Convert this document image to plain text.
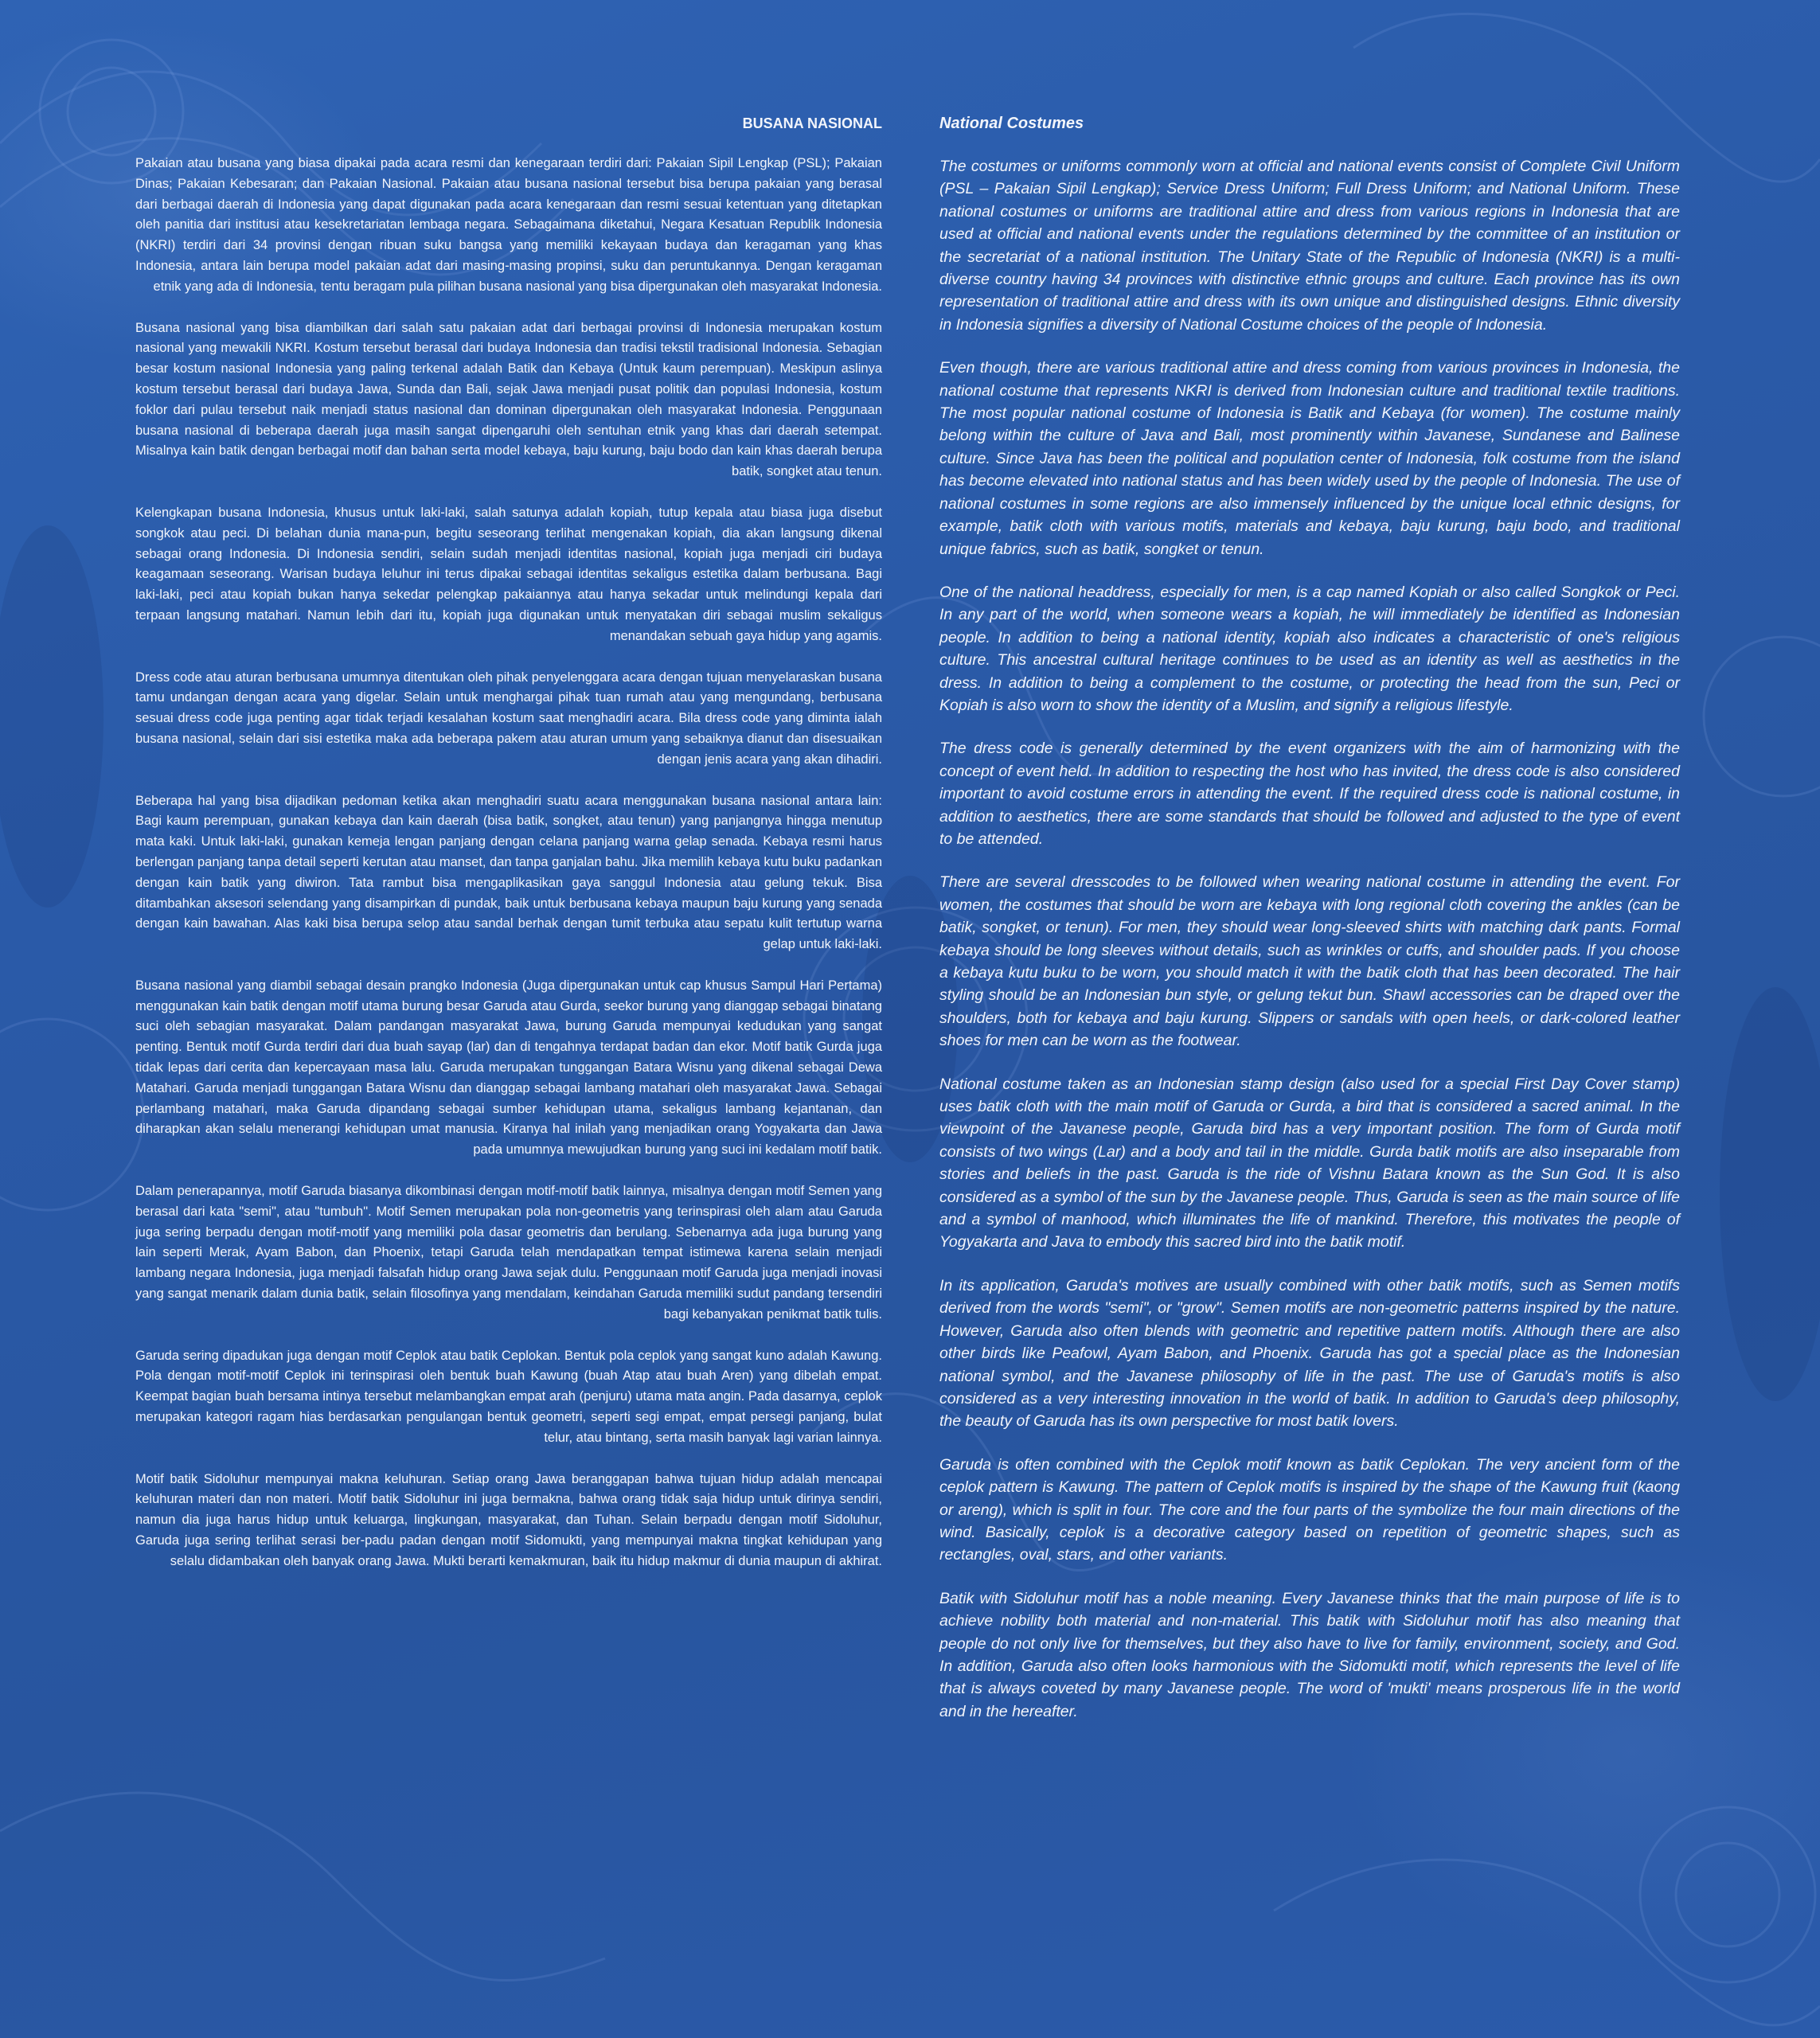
BUSANA NASIONAL

Pakaian atau busana yang biasa dipakai pada acara resmi dan kenegaraan terdiri dari: Pakaian Sipil Lengkap (PSL); Pakaian Dinas; Pakaian Kebesaran; dan Pakaian Nasional. Pakaian atau busana nasional tersebut bisa berupa pakaian yang berasal dari berbagai daerah di Indonesia yang dapat digunakan pada acara kenegaraan dan resmi sesuai ketentuan yang ditetapkan oleh panitia dari institusi atau kesekretariatan lembaga negara. Sebagaimana diketahui, Negara Kesatuan Republik Indonesia (NKRI) terdiri dari 34 provinsi dengan ribuan suku bangsa yang memiliki kekayaan budaya dan keragaman yang khas Indonesia, antara lain berupa model pakaian adat dari masing-masing propinsi, suku dan peruntukannya. Dengan keragaman etnik yang ada di Indonesia, tentu beragam pula pilihan busana nasional yang bisa dipergunakan oleh masyarakat Indonesia.

Busana nasional yang bisa diambilkan dari salah satu pakaian adat dari berbagai provinsi di Indonesia merupakan kostum nasional yang mewakili NKRI. Kostum tersebut berasal dari budaya Indonesia dan tradisi tekstil tradisional Indonesia. Sebagian besar kostum nasional Indonesia yang paling terkenal adalah Batik dan Kebaya (Untuk kaum perempuan). Meskipun aslinya kostum tersebut berasal dari budaya Jawa, Sunda dan Bali, sejak Jawa menjadi pusat politik dan populasi Indonesia, kostum foklor dari pulau tersebut naik menjadi status nasional dan dominan dipergunakan oleh masyarakat Indonesia. Penggunaan busana nasional di beberapa daerah juga masih sangat dipengaruhi oleh sentuhan etnik yang khas dari daerah setempat. Misalnya kain batik dengan berbagai motif dan bahan serta model kebaya, baju kurung, baju bodo dan kain khas daerah berupa batik, songket atau tenun.

Kelengkapan busana Indonesia, khusus untuk laki-laki, salah satunya adalah kopiah, tutup kepala atau biasa juga disebut songkok atau peci. Di belahan dunia mana-pun, begitu seseorang terlihat mengenakan kopiah, dia akan langsung dikenal sebagai orang Indonesia. Di Indonesia sendiri, selain sudah menjadi identitas nasional, kopiah juga menjadi ciri budaya keagamaan seseorang. Warisan budaya leluhur ini terus dipakai sebagai identitas sekaligus estetika dalam berbusana. Bagi laki-laki, peci atau kopiah bukan hanya sekedar pelengkap pakaiannya atau hanya sekadar untuk melindungi kepala dari terpaan langsung matahari. Namun lebih dari itu, kopiah juga digunakan untuk menyatakan diri sebagai muslim sekaligus menandakan sebuah gaya hidup yang agamis.

Dress code atau aturan berbusana umumnya ditentukan oleh pihak penyelenggara acara dengan tujuan menyelaraskan busana tamu undangan dengan acara yang digelar. Selain untuk menghargai pihak tuan rumah atau yang mengundang, berbusana sesuai dress code juga penting agar tidak terjadi kesalahan kostum saat menghadiri acara. Bila dress code yang diminta ialah busana nasional, selain dari sisi estetika maka ada beberapa pakem atau aturan umum yang sebaiknya dianut dan disesuaikan dengan jenis acara yang akan dihadiri.

Beberapa hal yang bisa dijadikan pedoman ketika akan menghadiri suatu acara menggunakan busana nasional antara lain: Bagi kaum perempuan, gunakan kebaya dan kain daerah (bisa batik, songket, atau tenun) yang panjangnya hingga menutup mata kaki. Untuk laki-laki, gunakan kemeja lengan panjang dengan celana panjang warna gelap senada. Kebaya resmi harus berlengan panjang tanpa detail seperti kerutan atau manset, dan tanpa ganjalan bahu. Jika memilih kebaya kutu buku padankan dengan kain batik yang diwiron. Tata rambut bisa mengaplikasikan gaya sanggul Indonesia atau gelung tekuk. Bisa ditambahkan aksesori selendang yang disampirkan di pundak, baik untuk berbusana kebaya maupun baju kurung yang senada dengan kain bawahan. Alas kaki bisa berupa selop atau sandal berhak dengan tumit terbuka atau sepatu kulit tertutup warna gelap untuk laki-laki.

Busana nasional yang diambil sebagai desain prangko Indonesia (Juga dipergunakan untuk cap khusus Sampul Hari Pertama) menggunakan kain batik dengan motif utama burung besar Garuda atau Gurda, seekor burung yang dianggap sebagai binatang suci oleh sebagian masyarakat. Dalam pandangan masyarakat Jawa, burung Garuda mempunyai kedudukan yang sangat penting. Bentuk motif Gurda terdiri dari dua buah sayap (lar) dan di tengahnya terdapat badan dan ekor. Motif batik Gurda juga tidak lepas dari cerita dan kepercayaan masa lalu. Garuda merupakan tunggangan Batara Wisnu yang dikenal sebagai Dewa Matahari. Garuda menjadi tunggangan Batara Wisnu dan dianggap sebagai lambang matahari oleh masyarakat Jawa. Sebagai perlambang matahari, maka Garuda dipandang sebagai sumber kehidupan utama, sekaligus lambang kejantanan, dan diharapkan akan selalu menerangi kehidupan umat manusia. Kiranya hal inilah yang menjadikan orang Yogyakarta dan Jawa pada umumnya mewujudkan burung yang suci ini kedalam motif batik.

Dalam penerapannya, motif Garuda biasanya dikombinasi dengan motif-motif batik lainnya, misalnya dengan motif Semen yang berasal dari kata "semi", atau "tumbuh". Motif Semen merupakan pola non-geometris yang terinspirasi oleh alam atau Garuda juga sering berpadu dengan motif-motif yang memiliki pola dasar geometris dan berulang. Sebenarnya ada juga burung yang lain seperti Merak, Ayam Babon, dan Phoenix, tetapi Garuda telah mendapatkan tempat istimewa karena selain menjadi lambang negara Indonesia, juga menjadi falsafah hidup orang Jawa sejak dulu. Penggunaan motif Garuda juga menjadi inovasi yang sangat menarik dalam dunia batik, selain filosofinya yang mendalam, keindahan Garuda memiliki sudut pandang tersendiri bagi kebanyakan penikmat batik tulis.

Garuda sering dipadukan juga dengan motif Ceplok atau batik Ceplokan. Bentuk pola ceplok yang sangat kuno adalah Kawung. Pola dengan motif-motif Ceplok ini terinspirasi oleh bentuk buah Kawung (buah Atap atau buah Aren) yang dibelah empat. Keempat bagian buah bersama intinya tersebut melambangkan empat arah (penjuru) utama mata angin. Pada dasarnya, ceplok merupakan kategori ragam hias berdasarkan pengulangan bentuk geometri, seperti segi empat, empat persegi panjang, bulat telur, atau bintang, serta masih banyak lagi varian lainnya.

Motif batik Sidoluhur mempunyai makna keluhuran. Setiap orang Jawa beranggapan bahwa tujuan hidup adalah mencapai keluhuran materi dan non materi. Motif batik Sidoluhur ini juga bermakna, bahwa orang tidak saja hidup untuk dirinya sendiri, namun dia juga harus hidup untuk keluarga, lingkungan, masyarakat, dan Tuhan. Selain berpadu dengan motif Sidoluhur, Garuda juga sering terlihat serasi ber-padu padan dengan motif Sidomukti, yang mempunyai makna tingkat kehidupan yang selalu didambakan oleh banyak orang Jawa. Mukti berarti kemakmuran, baik itu hidup makmur di dunia maupun di akhirat.

National Costumes

The costumes or uniforms commonly worn at official and national events consist of Complete Civil Uniform (PSL – Pakaian Sipil Lengkap); Service Dress Uniform; Full Dress Uniform; and National Uniform. These national costumes or uniforms are traditional attire and dress from various regions in Indonesia that are used at official and national events under the regulations determined by the committee of an institution or the secretariat of a national institution. The Unitary State of the Republic of Indonesia (NKRI) is a multi-diverse country having 34 provinces with distinctive ethnic groups and culture. Each province has its own representation of traditional attire and dress with its own unique and distinguished designs. Ethnic diversity in Indonesia signifies a diversity of National Costume choices of the people of Indonesia.

Even though, there are various traditional attire and dress coming from various provinces in Indonesia, the national costume that represents NKRI is derived from Indonesian culture and traditional textile traditions. The most popular national costume of Indonesia is Batik and Kebaya (for women). The costume mainly belong within the culture of Java and Bali, most prominently within Javanese, Sundanese and Balinese culture. Since Java has been the political and population center of Indonesia, folk costume from the island has become elevated into national status and has been widely used by the people of Indonesia. The use of national costumes in some regions are also immensely influenced by the unique local ethnic designs, for example, batik cloth with various motifs, materials and kebaya, baju kurung, baju bodo, and traditional unique fabrics, such as batik, songket or tenun.

One of the national headdress, especially for men, is a cap named Kopiah or also called Songkok or Peci. In any part of the world, when someone wears a kopiah, he will immediately be identified as Indonesian people. In addition to being a national identity, kopiah also indicates a characteristic of one's religious culture. This ancestral cultural heritage continues to be used as an identity as well as aesthetics in the dress. In addition to being a complement to the costume, or protecting the head from the sun, Peci or Kopiah is also worn to show the identity of a Muslim, and signify a religious lifestyle.

The dress code is generally determined by the event organizers with the aim of harmonizing with the concept of event held. In addition to respecting the host who has invited, the dress code is also considered important to avoid costume errors in attending the event. If the required dress code is national costume, in addition to aesthetics, there are some standards that should be followed and adjusted to the type of event to be attended.

There are several dresscodes to be followed when wearing national costume in attending the event. For women, the costumes that should be worn are kebaya with long regional cloth covering the ankles (can be batik, songket, or tenun). For men, they should wear long-sleeved shirts with matching dark pants. Formal kebaya should be long sleeves without details, such as wrinkles or cuffs, and shoulder pads. If you choose a kebaya kutu buku to be worn, you should match it with the batik cloth that has been decorated. The hair styling should be an Indonesian bun style, or gelung tekut bun. Shawl accessories can be draped over the shoulders, both for kebaya and baju kurung. Slippers or sandals with open heels, or dark-colored leather shoes for men can be worn as the footwear.

National costume taken as an Indonesian stamp design (also used for a special First Day Cover stamp) uses batik cloth with the main motif of Garuda or Gurda, a bird that is considered a sacred animal. In the viewpoint of the Javanese people, Garuda bird has a very important position. The form of Gurda motif consists of two wings (Lar) and a body and tail in the middle. Gurda batik motifs are also inseparable from stories and beliefs in the past. Garuda is the ride of Vishnu Batara known as the Sun God. It is also considered as a symbol of the sun by the Javanese people. Thus, Garuda is seen as the main source of life and a symbol of manhood, which illuminates the life of mankind. Therefore, this motivates the people of Yogyakarta and Java to embody this sacred bird into the batik motif.

In its application, Garuda's motives are usually combined with other batik motifs, such as Semen motifs derived from the words "semi", or "grow". Semen motifs are non-geometric patterns inspired by the nature. However, Garuda also often blends with geometric and repetitive pattern motifs. Although there are also other birds like Peafowl, Ayam Babon, and Phoenix. Garuda has got a special place as the Indonesian national symbol, and the Javanese philosophy of life in the past. The use of Garuda's motifs is also considered as a very interesting innovation in the world of batik. In addition to Garuda's deep philosophy, the beauty of Garuda has its own perspective for most batik lovers.

Garuda is often combined with the Ceplok motif known as batik Ceplokan. The very ancient form of the ceplok pattern is Kawung. The pattern of Ceplok motifs is inspired by the shape of the Kawung fruit (kaong or areng), which is split in four. The core and the four parts of the symbolize the four main directions of the wind. Basically, ceplok is a decorative category based on repetition of geometric shapes, such as rectangles, oval, stars, and other variants.

Batik with Sidoluhur motif has a noble meaning. Every Javanese thinks that the main purpose of life is to achieve nobility both material and non-material. This batik with Sidoluhur motif has also meaning that people do not only live for themselves, but they also have to live for family, environment, society, and God. In addition, Garuda also often looks harmonious with the Sidomukti motif, which represents the level of life that is always coveted by many Javanese people. The word of 'mukti' means prosperous life in the world and in the hereafter.
